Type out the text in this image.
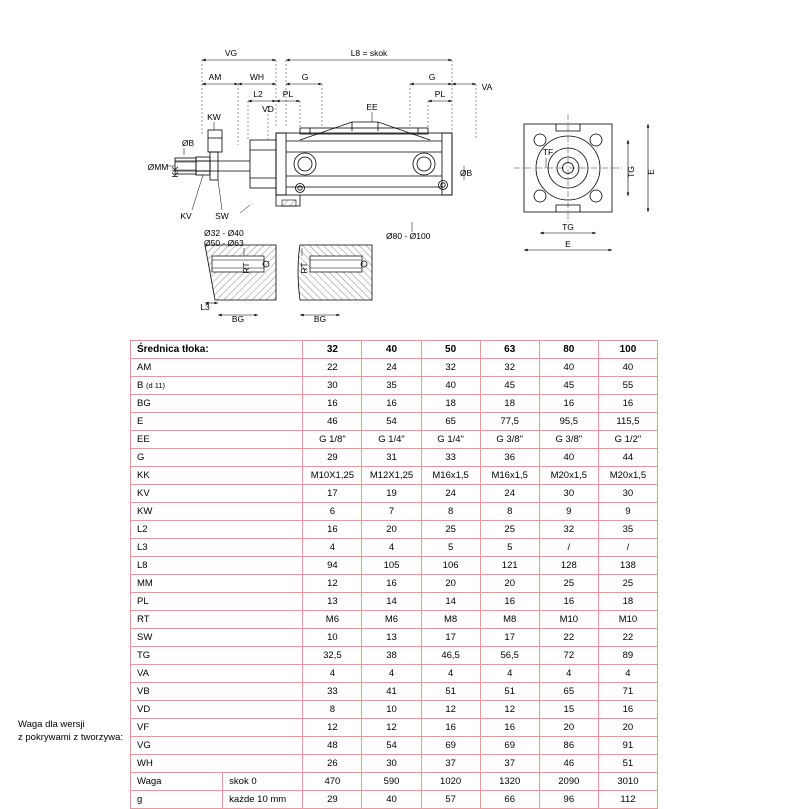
VG	L8 = skok
AM	WH	G	G
VA
L2 PL	PL
VD	EE
KW
ØMM KK
ØB
ØB
KV	SW
Ø32 - Ø40
Ø50 - Ø63
Ø80 - Ø100
RT	RT
L3
BG	BG
TG E
TG
E
TF
Średnica tłoka:		32	40	50	63	80	100
AM		22	24	32	32	40	40
B (d 11)		30	35	40	45	45	55
BG		16	16	18	18	16	16
E		46	54	65	77,5	95,5	115,5
EE		G 1/8"	G 1/4"	G 1/4"	G 3/8"	G 3/8"	G 1/2"
G		29	31	33	36	40	44
KK		M10X1,25	M12X1,25	M16x1,5	M16x1,5	M20x1,5	M20x1,5
KV		17	19	24	24	30	30
KW		6	7	8	8	9	9
L2		16	20	25	25	32	35
L3		4	4	5	5	/	/
L8		94	105	106	121	128	138
MM		12	16	20	20	25	25
PL		13	14	14	16	16	18
RT		M6	M6	M8	M8	M10	M10
SW		10	13	17	17	22	22
TG		32,5	38	46,5	56,5	72	89
VA		4	4	4	4	4	4
VB		33	41	51	51	65	71
VD		8	10	12	12	15	16
VF		12	12	16	16	20	20
VG		48	54	69	69	86	91
WH		26	30	37	37	46	51
Waga	skok 0	470	590	1020	1320	2090	3010
g	każde 10 mm	29	40	57	66	96	112
Waga dla wersji
z pokrywami z tworzywa:
